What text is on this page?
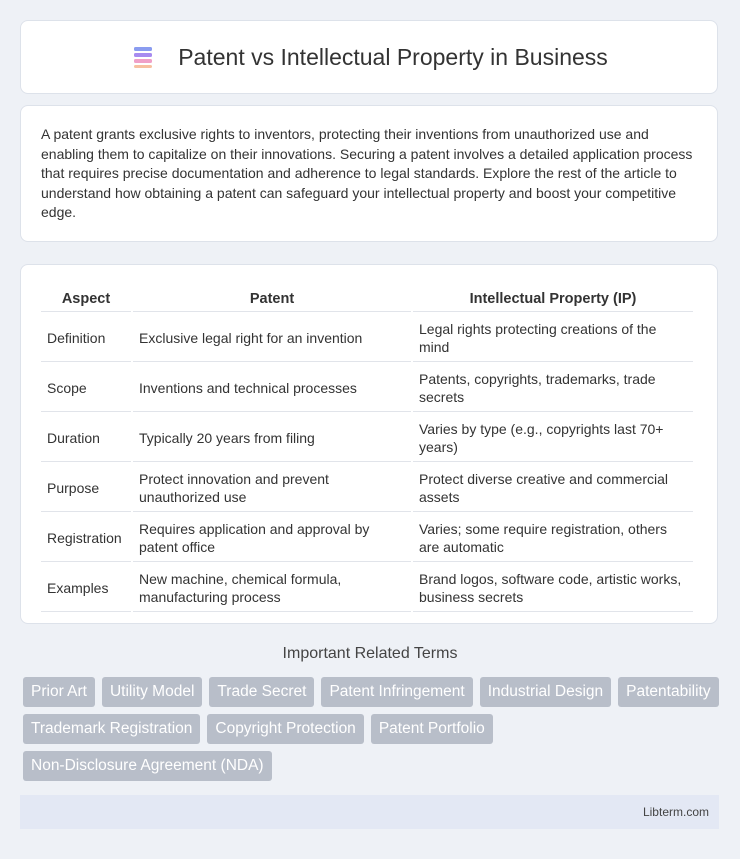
Patent vs Intellectual Property in Business
A patent grants exclusive rights to inventors, protecting their inventions from unauthorized use and enabling them to capitalize on their innovations. Securing a patent involves a detailed application process that requires precise documentation and adherence to legal standards. Explore the rest of the article to understand how obtaining a patent can safeguard your intellectual property and boost your competitive edge.
Aspect	Patent	Intellectual Property (IP)
Definition	Exclusive legal right for an invention	Legal rights protecting creations of the mind
Scope	Inventions and technical processes	Patents, copyrights, trademarks, trade secrets
Duration	Typically 20 years from filing	Varies by type (e.g., copyrights last 70+ years)
Purpose	Protect innovation and prevent unauthorized use	Protect diverse creative and commercial assets
Registration	Requires application and approval by patent office	Varies; some require registration, others are automatic
Examples	New machine, chemical formula, manufacturing process	Brand logos, software code, artistic works, business secrets
Important Related Terms
Prior Art	Utility Model	Trade Secret	Patent Infringement	Industrial Design	Patentability
Trademark Registration	Copyright Protection	Patent Portfolio
Non-Disclosure Agreement (NDA)
Libterm.com
